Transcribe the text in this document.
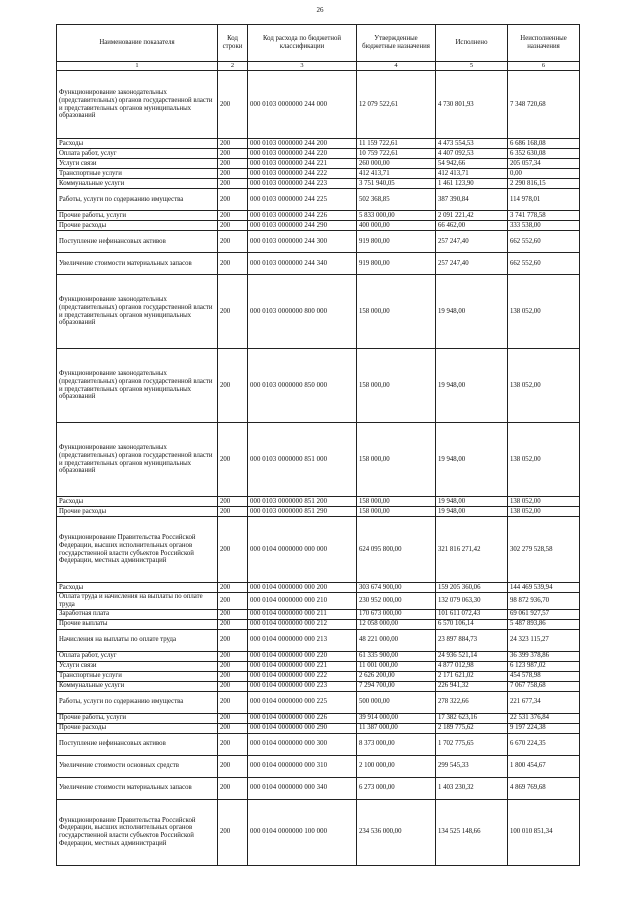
26
Наименование показателя	Код строки	Код расхода по бюджетной классификации	Утвержденные бюджетные назначения	Исполнено	Неисполненные назначения
1	2	3	4	5	6
Функционирование законодательных (представительных) органов государственной власти и представительных органов муниципальных образований	200	000 0103 0000000 244 000	12 079 522,61	4 730 801,93	7 348 720,68
Расходы	200	000 0103 0000000 244 200	11 159 722,61	4 473 554,53	6 686 168,08
Оплата работ, услуг	200	000 0103 0000000 244 220	10 759 722,61	4 407 092,53	6 352 630,08
Услуги связи	200	000 0103 0000000 244 221	260 000,00	54 942,66	205 057,34
Транспортные услуги	200	000 0103 0000000 244 222	412 413,71	412 413,71	0,00
Коммунальные услуги	200	000 0103 0000000 244 223	3 751 940,05	1 461 123,90	2 290 816,15
Работы, услуги по содержанию имущества	200	000 0103 0000000 244 225	502 368,85	387 390,84	114 978,01
Прочие работы, услуги	200	000 0103 0000000 244 226	5 833 000,00	2 091 221,42	3 741 778,58
Прочие расходы	200	000 0103 0000000 244 290	400 000,00	66 462,00	333 538,00
Поступление нефинансовых активов	200	000 0103 0000000 244 300	919 800,00	257 247,40	662 552,60
Увеличение стоимости материальных запасов	200	000 0103 0000000 244 340	919 800,00	257 247,40	662 552,60
Функционирование законодательных (представительных) органов государственной власти и представительных органов муниципальных образований	200	000 0103 0000000 800 000	158 000,00	19 948,00	138 052,00
Функционирование законодательных (представительных) органов государственной власти и представительных органов муниципальных образований	200	000 0103 0000000 850 000	158 000,00	19 948,00	138 052,00
Функционирование законодательных (представительных) органов государственной власти и представительных органов муниципальных образований	200	000 0103 0000000 851 000	158 000,00	19 948,00	138 052,00
Расходы	200	000 0103 0000000 851 200	158 000,00	19 948,00	138 052,00
Прочие расходы	200	000 0103 0000000 851 290	158 000,00	19 948,00	138 052,00
Функционирование Правительства Российской Федерации, высших исполнительных органов государственной власти субъектов Российской Федерации, местных администраций	200	000 0104 0000000 000 000	624 095 800,00	321 816 271,42	302 279 528,58
Расходы	200	000 0104 0000000 000 200	303 674 900,00	159 205 360,06	144 469 539,94
Оплата труда и начисления на выплаты по оплате труда	200	000 0104 0000000 000 210	230 952 000,00	132 079 063,30	98 872 936,70
Заработная плата	200	000 0104 0000000 000 211	170 673 000,00	101 611 072,43	69 061 927,57
Прочие выплаты	200	000 0104 0000000 000 212	12 058 000,00	6 570 106,14	5 487 893,86
Начисления на выплаты по оплате труда	200	000 0104 0000000 000 213	48 221 000,00	23 897 884,73	24 323 115,27
Оплата работ, услуг	200	000 0104 0000000 000 220	61 335 900,00	24 936 521,14	36 399 378,86
Услуги связи	200	000 0104 0000000 000 221	11 001 000,00	4 877 012,98	6 123 987,02
Транспортные услуги	200	000 0104 0000000 000 222	2 626 200,00	2 171 621,02	454 578,98
Коммунальные услуги	200	000 0104 0000000 000 223	7 294 700,00	226 941,32	7 067 758,68
Работы, услуги по содержанию имущества	200	000 0104 0000000 000 225	500 000,00	278 322,66	221 677,34
Прочие работы, услуги	200	000 0104 0000000 000 226	39 914 000,00	17 382 623,16	22 531 376,84
Прочие расходы	200	000 0104 0000000 000 290	11 387 000,00	2 189 775,62	9 197 224,38
Поступление нефинансовых активов	200	000 0104 0000000 000 300	8 373 000,00	1 702 775,65	6 670 224,35
Увеличение стоимости основных средств	200	000 0104 0000000 000 310	2 100 000,00	299 545,33	1 800 454,67
Увеличение стоимости материальных запасов	200	000 0104 0000000 000 340	6 273 000,00	1 403 230,32	4 869 769,68
Функционирование Правительства Российской Федерации, высших исполнительных органов государственной власти субъектов Российской Федерации, местных администраций	200	000 0104 0000000 100 000	234 536 000,00	134 525 148,66	100 010 851,34
